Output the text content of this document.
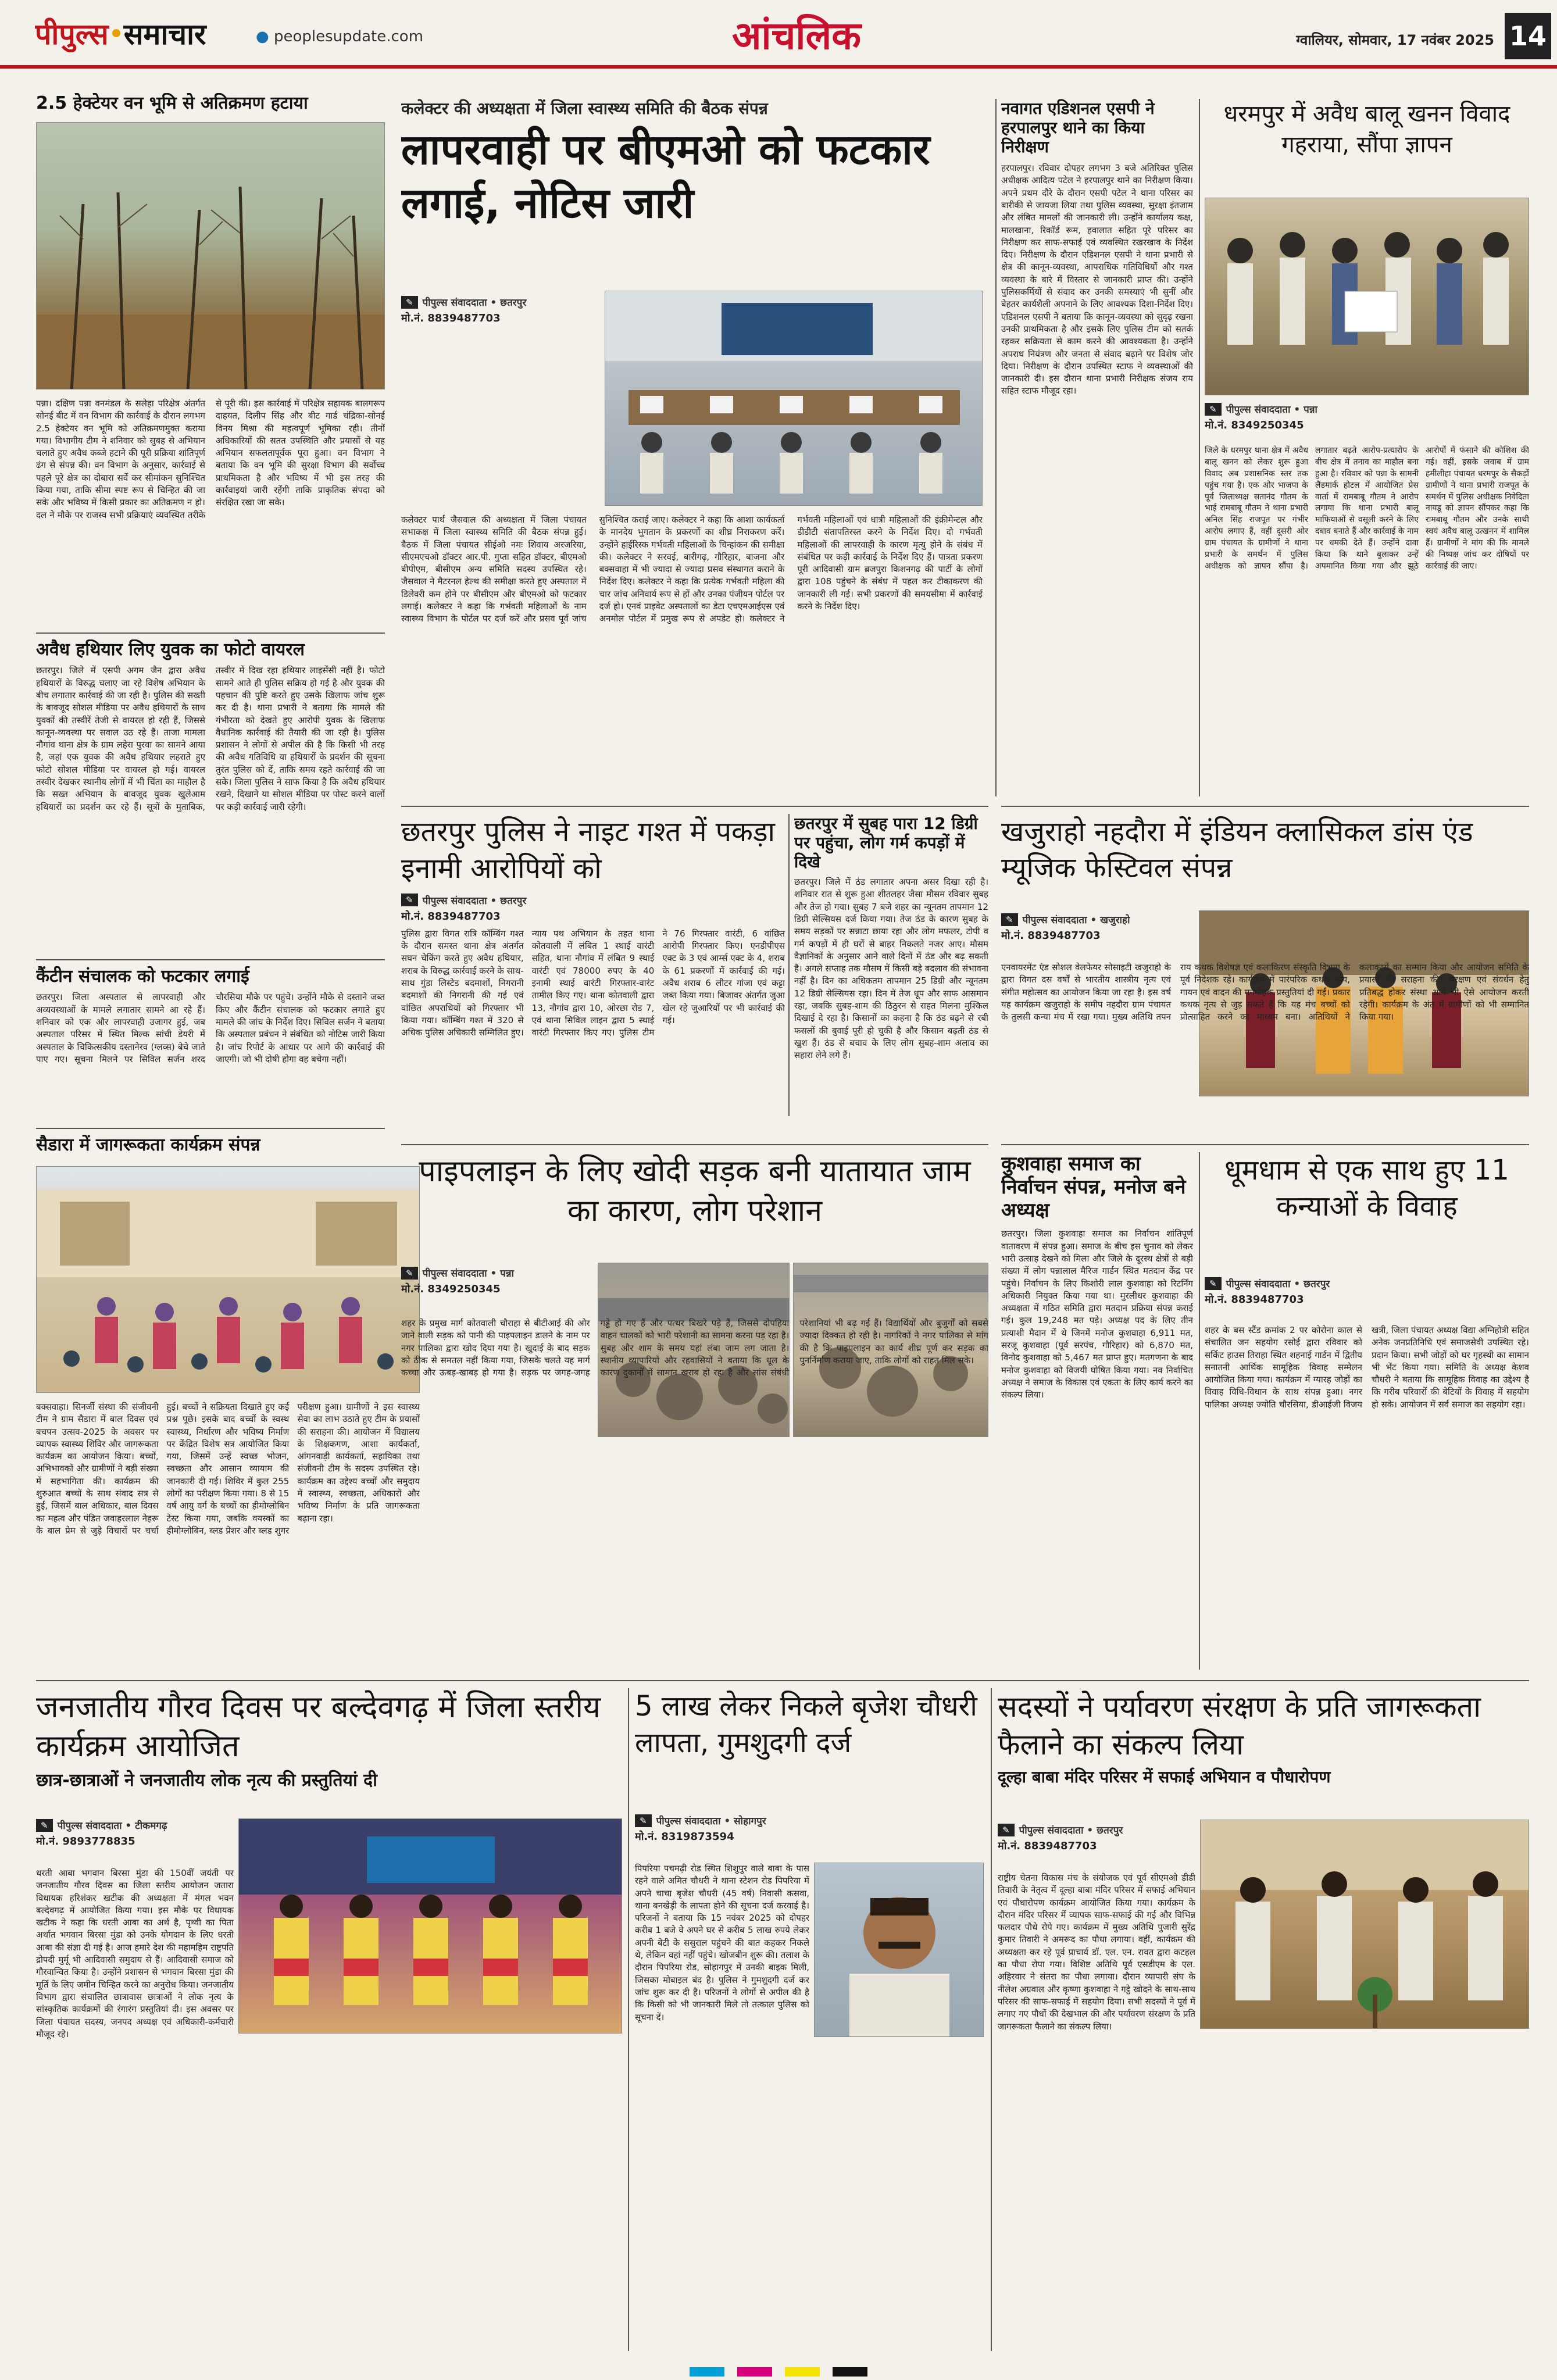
पीपुल्स समाचार	● peoplesupdate.com	आंचलिक	ग्वालियर, सोमवार, 17 नवंबर 2025 14
2.5 हेक्टेयर वन भूमि से अतिक्रमण हटाया
पन्ना। दक्षिण पन्ना वनमंडल के सलेहा परिक्षेत्र अंतर्गत सोनई बीट में वन विभाग की कार्रवाई के दौरान लगभग 2.5 हेक्टेयर वन भूमि को अतिक्रमणमुक्त कराया गया। विभागीय टीम ने शनिवार को सुबह से अभियान चलाते हुए अवैध कब्जे हटाने की पूरी प्रक्रिया शांतिपूर्ण ढंग से संपन्न की। वन विभाग के अनुसार, कार्रवाई से पहले पूरे क्षेत्र का दोबारा सर्वे कर सीमांकन सुनिश्चित किया गया, ताकि सीमा स्पष्ट रूप से चिन्हित की जा सके और भविष्य में किसी प्रकार का अतिक्रमण न हो। दल ने मौके पर राजस्व सभी प्रक्रियाएं व्यवस्थित तरीके से पूरी की। इस कार्रवाई में परिक्षेत्र सहायक बालगरूप दाहयत, दिलीप सिंह और बीट गार्ड चंद्रिका-सोनई विनय मिश्रा की महत्वपूर्ण भूमिका रही। तीनों अधिकारियों की सतत उपस्थिति और प्रयासों से यह अभियान सफलतापूर्वक पूरा हुआ। वन विभाग ने बताया कि वन भूमि की सुरक्षा विभाग की सर्वोच्च प्राथमिकता है और भविष्य में भी इस तरह की कार्रवाइयां जारी रहेंगी ताकि प्राकृतिक संपदा को संरक्षित रखा जा सके।
अवैध हथियार लिए युवक का फोटो वायरल
छतरपुर। जिले में एसपी अगम जैन द्वारा अवैध हथियारों के विरुद्ध चलाए जा रहे विशेष अभियान के बीच लगातार कार्रवाई की जा रही है। पुलिस की सख्ती के बावजूद सोशल मीडिया पर अवैध हथियारों के साथ युवकों की तस्वीरें तेजी से वायरल हो रही हैं, जिससे कानून-व्यवस्था पर सवाल उठ रहे हैं। ताजा मामला नौगांव थाना क्षेत्र के ग्राम लहेरा पुरवा का सामने आया है, जहां एक युवक की अवैध हथियार लहराते हुए फोटो सोशल मीडिया पर वायरल हो गई। वायरल तस्वीर देखकर स्थानीय लोगों में भी चिंता का माहौल है कि सख्त अभियान के बावजूद युवक खुलेआम हथियारों का प्रदर्शन कर रहे हैं। सूत्रों के मुताबिक, तस्वीर में दिख रहा हथियार लाइसेंसी नहीं है। फोटो सामने आते ही पुलिस सक्रिय हो गई है और युवक की पहचान की पुष्टि करते हुए उसके खिलाफ जांच शुरू कर दी है। थाना प्रभारी ने बताया कि मामले की गंभीरता को देखते हुए आरोपी युवक के खिलाफ वैधानिक कार्रवाई की तैयारी की जा रही है। पुलिस प्रशासन ने लोगों से अपील की है कि किसी भी तरह की अवैध गतिविधि या हथियारों के प्रदर्शन की सूचना तुरंत पुलिस को दें, ताकि समय रहते कार्रवाई की जा सके। जिला पुलिस ने साफ किया है कि अवैध हथियार रखने, दिखाने या सोशल मीडिया पर पोस्ट करने वालों पर कड़ी कार्रवाई जारी रहेगी।
कैंटीन संचालक को फटकार लगाई
छतरपुर। जिला अस्पताल से लापरवाही और अव्यवस्थाओं के मामले लगातार सामने आ रहे हैं। शनिवार को एक और लापरवाही उजागर हुई, जब अस्पताल परिसर में स्थित मिल्क सांची डेयरी में अस्पताल के चिकित्सकीय दस्तानेरव (ग्लव्स) बेचे जाते पाए गए। सूचना मिलने पर सिविल सर्जन शरद चौरसिया मौके पर पहुंचे। उन्होंने मौके से दस्ताने जब्त किए और कैंटीन संचालक को फटकार लगाते हुए मामले की जांच के निर्देश दिए। सिविल सर्जन ने बताया कि अस्पताल प्रबंधन ने संबंधित को नोटिस जारी किया है। जांच रिपोर्ट के आधार पर आगे की कार्रवाई की जाएगी। जो भी दोषी होगा वह बचेगा नहीं।
सैडारा में जागरूकता कार्यक्रम संपन्न
बक्सवाहा। सिनर्जी संस्था की संजीवनी टीम ने ग्राम सैडारा में बाल दिवस एवं बचपन उत्सव-2025 के अवसर पर व्यापक स्वास्थ्य शिविर और जागरूकता कार्यक्रम का आयोजन किया। बच्चों, अभिभावकों और ग्रामीणों ने बड़ी संख्या में सहभागिता की। कार्यक्रम की शुरुआत बच्चों के साथ संवाद सत्र से हुई, जिसमें बाल अधिकार, बाल दिवस का महत्व और पंडित जवाहरलाल नेहरू के बाल प्रेम से जुड़े विचारों पर चर्चा हुई। बच्चों ने सक्रियता दिखाते हुए कई प्रश्न पूछे। इसके बाद बच्चों के स्वस्थ स्वास्थ्य, निर्धारण और भविष्य निर्माण पर केंद्रित विशेष सत्र आयोजित किया गया, जिसमें उन्हें स्वच्छ भोजन, स्वच्छता और आसान व्यायाम की जानकारी दी गई। शिविर में कुल 255 लोगों का परीक्षण किया गया। 8 से 15 वर्ष आयु वर्ग के बच्चों का हीमोग्लोबिन टेस्ट किया गया, जबकि वयस्कों का हीमोग्लोबिन, ब्लड प्रेशर और ब्लड शुगर परीक्षण हुआ। ग्रामीणों ने इस स्वास्थ्य सेवा का लाभ उठाते हुए टीम के प्रयासों की सराहना की। आयोजन में विद्यालय के शिक्षकगण, आशा कार्यकर्ता, आंगनवाड़ी कार्यकर्ता, सहायिका तथा संजीवनी टीम के सदस्य उपस्थित रहे। कार्यक्रम का उद्देश्य बच्चों और समुदाय में स्वास्थ्य, स्वच्छता, अधिकारों और भविष्य निर्माण के प्रति जागरूकता बढ़ाना रहा।
कलेक्टर की अध्यक्षता में जिला स्वास्थ्य समिति की बैठक संपन्न
लापरवाही पर बीएमओ को फटकार लगाई, नोटिस जारी
✎ पीपुल्स संवाददाता • छतरपुर
मो.नं. 8839487703
कलेक्टर पार्थ जैसवाल की अध्यक्षता में जिला पंचायत सभाकक्ष में जिला स्वास्थ्य समिति की बैठक संपन्न हुई। बैठक में जिला पंचायत सीईओ नमः शिवाय अरजरिया, सीएमएचओ डॉक्टर आर.पी. गुप्ता सहित डॉक्टर, बीएमओ बीपीएम, बीसीएम अन्य समिति सदस्य उपस्थित रहे। जैसवाल ने मैटरनल हेल्थ की समीक्षा करते हुए अस्पताल में डिलेवरी कम होने पर बीसीएम और बीएमओ को फटकार लगाई। कलेक्टर ने कहा कि गर्भवती महिलाओं के नाम स्वास्थ्य विभाग के पोर्टल पर दर्ज करें और प्रसव पूर्व जांच सुनिश्चित कराई जाए। कलेक्टर ने कहा कि आशा कार्यकर्ता के मानदेय भुगतान के प्रकरणों का शीघ्र निराकरण करें। उन्होंने हाईरिस्क गर्भवती महिलाओं के चिन्हांकन की समीक्षा की। कलेक्टर ने सरवई, बारीगढ़, गौरिहार, बाजना और बक्सवाहा में भी ज्यादा से ज्यादा प्रसव संस्थागत कराने के निर्देश दिए। कलेक्टर ने कहा कि प्रत्येक गर्भवती महिला की चार जांच अनिवार्य रूप से हों और उनका पंजीयन पोर्टल पर दर्ज हो। एनवं प्राइवेट अस्पतालों का डेटा एचएमआईएस एवं अनमोल पोर्टल में प्रमुख रूप से अपडेट हो। कलेक्टर ने गर्भवती महिलाओं एवं धात्री महिलाओं की इंक्रीमेन्टल और डीडीटी संतापतिरस्त करने के निर्देश दिए। दो गर्भवती महिलाओं की लापरवाही के कारण मृत्यु होने के संबंध में संबंधित पर कड़ी कार्रवाई के निर्देश दिए हैं। पात्रता प्रकरण पूरी आदिवासी ग्राम ब्रजपुरा किशनगढ़ की पार्टी के लोगों द्वारा 108 पहुंचने के संबंध में पहल कर टीकाकरण की जानकारी ली गई। सभी प्रकरणों की समयसीमा में कार्रवाई करने के निर्देश दिए।
छतरपुर पुलिस ने नाइट गश्त में पकड़ा इनामी आरोपियों को
✎ पीपुल्स संवाददाता • छतरपुर
मो.नं. 8839487703
पुलिस द्वारा विगत रात्रि कॉम्बिंग गश्त के दौरान समस्त थाना क्षेत्र अंतर्गत सघन चेकिंग करते हुए अवैध हथियार, शराब के विरुद्ध कार्रवाई करने के साथ-साथ गुंडा लिस्टेड बदमाशों, निगरानी बदमाशों की निगरानी की गई एवं वांछित अपराधियों को गिरफ्तार भी किया गया। कॉम्बिंग गश्त में 320 से अधिक पुलिस अधिकारी सम्मिलित हुए। न्याय पथ अभियान के तहत थाना कोतवाली में लंबित 1 स्थाई वारंटी सहित, थाना नौगांव में लंबित 9 स्थाई वारंटी एवं 78000 रुपए के 40 इनामी स्थाई वारंटी गिरफ्तार-वारंट तामील किए गए। थाना कोतवाली द्वारा 13, नौगांव द्वारा 10, ओरछा रोड 7, एवं थाना सिविल लाइन द्वारा 5 स्थाई वारंटी गिरफ्तार किए गए। पुलिस टीम ने 76 गिरफ्तार वारंटी, 6 वांछित आरोपी गिरफ्तार किए। एनडीपीएस एक्ट के 3 एवं आर्म्स एक्ट के 4, शराब के 61 प्रकरणों में कार्रवाई की गई। अवैध शराब 6 लीटर गांजा एवं कट्टा जब्त किया गया। बिजावर अंतर्गत जुआ खेल रहे जुआरियों पर भी कार्रवाई की गई।
छतरपुर में सुबह पारा 12 डिग्री पर पहुंचा, लोग गर्म कपड़ों में दिखे
छतरपुर। जिले में ठंड लगातार अपना असर दिखा रही है। शनिवार रात से शुरू हुआ शीतलहर जैसा मौसम रविवार सुबह और तेज हो गया। सुबह 7 बजे शहर का न्यूनतम तापमान 12 डिग्री सेल्सियस दर्ज किया गया। तेज ठंड के कारण सुबह के समय सड़कों पर सन्नाटा छाया रहा और लोग मफलर, टोपी व गर्म कपड़ों में ही घरों से बाहर निकलते नजर आए। मौसम वैज्ञानिकों के अनुसार आने वाले दिनों में ठंड और बढ़ सकती है। अगले सप्ताह तक मौसम में किसी बड़े बदलाव की संभावना नहीं है। दिन का अधिकतम तापमान 25 डिग्री और न्यूनतम 12 डिग्री सेल्सियस रहा। दिन में तेज धूप और साफ आसमान रहा, जबकि सुबह-शाम की ठिठुरन से राहत मिलना मुश्किल दिखाई दे रहा है। किसानों का कहना है कि ठंड बढ़ने से रबी फसलों की बुवाई पूरी हो चुकी है और किसान बढ़ती ठंड से खुश हैं। ठंड से बचाव के लिए लोग सुबह-शाम अलाव का सहारा लेने लगे हैं।
पाइपलाइन के लिए खोदी सड़क बनी यातायात जाम का कारण, लोग परेशान
✎ पीपुल्स संवाददाता • पन्ना
मो.नं. 8349250345
शहर के प्रमुख मार्ग कोतवाली चौराहा से बीटीआई की ओर जाने वाली सड़क को पानी की पाइपलाइन डालने के नाम पर नगर पालिका द्वारा खोद दिया गया है। खुदाई के बाद सड़क को ठीक से समतल नहीं किया गया, जिसके चलते यह मार्ग कच्चा और ऊबड़-खाबड़ हो गया है। सड़क पर जगह-जगह गड्ढे हो गए हैं और पत्थर बिखरे पड़े हैं, जिससे दोपहिया वाहन चालकों को भारी परेशानी का सामना करना पड़ रहा है। सुबह और शाम के समय यहां लंबा जाम लग जाता है। स्थानीय व्यापारियों और रहवासियों ने बताया कि धूल के कारण दुकानों में सामान खराब हो रहा है और सांस संबंधी परेशानियां भी बढ़ गई हैं। विद्यार्थियों और बुजुर्गों को सबसे ज्यादा दिक्कत हो रही है। नागरिकों ने नगर पालिका से मांग की है कि पाइपलाइन का कार्य शीघ्र पूर्ण कर सड़क का पुनर्निर्माण कराया जाए, ताकि लोगों को राहत मिल सके।
नवागत एडिशनल एसपी ने हरपालपुर थाने का किया निरीक्षण
हरपालपुर। रविवार दोपहर लगभग 3 बजे अतिरिक्त पुलिस अधीक्षक आदित्य पटेल ने हरपालपुर थाने का निरीक्षण किया। अपने प्रथम दौरे के दौरान एसपी पटेल ने थाना परिसर का बारीकी से जायजा लिया तथा पुलिस व्यवस्था, सुरक्षा इंतजाम और लंबित मामलों की जानकारी ली। उन्होंने कार्यालय कक्ष, मालखाना, रिकॉर्ड रूम, हवालात सहित पूरे परिसर का निरीक्षण कर साफ-सफाई एवं व्यवस्थित रखरखाव के निर्देश दिए। निरीक्षण के दौरान एडिशनल एसपी ने थाना प्रभारी से क्षेत्र की कानून-व्यवस्था, आपराधिक गतिविधियों और गश्त व्यवस्था के बारे में विस्तार से जानकारी प्राप्त की। उन्होंने पुलिसकर्मियों से संवाद कर उनकी समस्याएं भी सुनीं और बेहतर कार्यशैली अपनाने के लिए आवश्यक दिशा-निर्देश दिए। एडिशनल एसपी ने बताया कि कानून-व्यवस्था को सुदृढ़ रखना उनकी प्राथमिकता है और इसके लिए पुलिस टीम को सतर्क रहकर सक्रियता से काम करने की आवश्यकता है। उन्होंने अपराध नियंत्रण और जनता से संवाद बढ़ाने पर विशेष जोर दिया। निरीक्षण के दौरान उपस्थित स्टाफ ने व्यवस्थाओं की जानकारी दी। इस दौरान थाना प्रभारी निरीक्षक संजय राय सहित स्टाफ मौजूद रहा।
धरमपुर में अवैध बालू खनन विवाद गहराया, सौंपा ज्ञापन
✎ पीपुल्स संवाददाता • पन्ना
मो.नं. 8349250345
जिले के धरमपुर थाना क्षेत्र में अवैध बालू खनन को लेकर शुरू हुआ विवाद अब प्रशासनिक स्तर तक पहुंच गया है। एक ओर भाजपा के पूर्व जिलाध्यक्ष सतानंद गौतम के भाई रामबाबू गौतम ने थाना प्रभारी अनिल सिंह राजपूत पर गंभीर आरोप लगाए हैं, वहीं दूसरी ओर ग्राम पंचायत के ग्रामीणों ने थाना प्रभारी के समर्थन में पुलिस अधीक्षक को ज्ञापन सौंपा है। लगातार बढ़ते आरोप-प्रत्यारोप के बीच क्षेत्र में तनाव का माहौल बना हुआ है। रविवार को पन्ना के सामनी लैंडमार्क होटल में आयोजित प्रेस वार्ता में रामबाबू गौतम ने आरोप लगाया कि थाना प्रभारी बालू माफियाओं से वसूली करने के लिए दबाव बनाते हैं और कार्रवाई के नाम पर धमकी देते हैं। उन्होंने दावा किया कि थाने बुलाकर उन्हें अपमानित किया गया और झूठे आरोपों में फंसाने की कोशिश की गई। वहीं, इसके जवाब में ग्राम हमीलीहा पंचायत धरमपुर के सैकड़ों ग्रामीणों ने थाना प्रभारी राजपूत के समर्थन में पुलिस अधीक्षक निवेदिता नायडू को ज्ञापन सौंपकर कहा कि रामबाबू गौतम और उनके साथी स्वयं अवैध बालू उत्खनन में शामिल हैं। ग्रामीणों ने मांग की कि मामले की निष्पक्ष जांच कर दोषियों पर कार्रवाई की जाए।
खजुराहो नहदौरा में इंडियन क्लासिकल डांस एंड म्यूजिक फेस्टिवल संपन्न
✎ पीपुल्स संवाददाता • खजुराहो
मो.नं. 8839487703
एनवायरमेंट एंड सोशल वेलफेयर सोसाइटी खजुराहो के द्वारा विगत दस वर्षों से भारतीय शास्त्रीय नृत्य एवं संगीत महोत्सव का आयोजन किया जा रहा है। इस वर्ष यह कार्यक्रम खजुराहो के समीप नहदौरा ग्राम पंचायत के तुलसी कन्या मंच में रखा गया। मुख्य अतिथि तपन राय कथक विशेषज्ञ एवं कलाकिरण संस्कृति विभाग के पूर्व निदेशक रहे। कार्यक्रम में पारंपरिक कथक नृत्य, गायन एवं वादन की मनमोहक प्रस्तुतियां दी गईं। प्रकार कथक नृत्य से जुड़ सकते हैं कि यह मंच बच्चों को प्रोत्साहित करने का माध्यम बना। अतिथियों ने कलाकारों का सम्मान किया और आयोजन समिति के प्रयासों की सराहना की। संरक्षण एवं संवर्धन हेतु प्रतिबद्ध होकर संस्था आगे भी ऐसे आयोजन करती रहेगी। कार्यक्रम के अंत में ग्रामीणों को भी सम्मानित किया गया।
कुशवाहा समाज का निर्वाचन संपन्न, मनोज बने अध्यक्ष
छतरपुर। जिला कुशवाहा समाज का निर्वाचन शांतिपूर्ण वातावरण में संपन्न हुआ। समाज के बीच इस चुनाव को लेकर भारी उत्साह देखने को मिला और जिले के दूरस्थ क्षेत्रों से बड़ी संख्या में लोग पन्नालाल मैरिज गार्डन स्थित मतदान केंद्र पर पहुंचे। निर्वाचन के लिए किशोरी लाल कुशवाहा को रिटर्निंग अधिकारी नियुक्त किया गया था। मुरलीधर कुशवाहा की अध्यक्षता में गठित समिति द्वारा मतदान प्रक्रिया संपन्न कराई गई। कुल 19,248 मत पड़े। अध्यक्ष पद के लिए तीन प्रत्याशी मैदान में थे जिनमें मनोज कुशवाहा 6,911 मत, सरजू कुशवाहा (पूर्व सरपंच, गौरिहार) को 6,870 मत, विनोद कुशवाहा को 5,467 मत प्राप्त हुए। मतगणना के बाद मनोज कुशवाहा को विजयी घोषित किया गया। नव निर्वाचित अध्यक्ष ने समाज के विकास एवं एकता के लिए कार्य करने का संकल्प लिया।
धूमधाम से एक साथ हुए 11 कन्याओं के विवाह
✎ पीपुल्स संवाददाता • छतरपुर
मो.नं. 8839487703
शहर के बस स्टैंड क्रमांक 2 पर कोरोना काल से संचालित जन सहयोग रसोई द्वारा रविवार को सर्किट हाउस तिराहा स्थित शहनाई गार्डन में द्वितीय सनातनी आर्थिक सामूहिक विवाह सम्मेलन आयोजित किया गया। कार्यक्रम में ग्यारह जोड़ों का विवाह विधि-विधान के साथ संपन्न हुआ। नगर पालिका अध्यक्ष ज्योति चौरसिया, डीआईजी विजय खत्री, जिला पंचायत अध्यक्ष विद्या अग्निहोत्री सहित अनेक जनप्रतिनिधि एवं समाजसेवी उपस्थित रहे। प्रदान किया। सभी जोड़ों को घर गृहस्थी का सामान भी भेंट किया गया। समिति के अध्यक्ष केशव चौधरी ने बताया कि सामूहिक विवाह का उद्देश्य है कि गरीब परिवारों की बेटियों के विवाह में सहयोग हो सके। आयोजन में सर्व समाज का सहयोग रहा।
जनजातीय गौरव दिवस पर बल्देवगढ़ में जिला स्तरीय कार्यक्रम आयोजित
छात्र-छात्राओं ने जनजातीय लोक नृत्य की प्रस्तुतियां दी
✎ पीपुल्स संवाददाता • टीकमगढ़
मो.नं. 9893778835
धरती आबा भगवान बिरसा मुंडा की 150वीं जयंती पर जनजातीय गौरव दिवस का जिला स्तरीय आयोजन जतारा विधायक हरिशंकर खटीक की अध्यक्षता में मंगल भवन बल्देवगढ़ में आयोजित किया गया। इस मौके पर विधायक खटीक ने कहा कि धरती आबा का अर्थ है, पृथ्वी का पिता अर्थात भगवान बिरसा मुंडा को उनके योगदान के लिए धरती आबा की संज्ञा दी गई है। आज हमारे देश की महामहिम राष्ट्रपति द्रोपदी मुर्मू भी आदिवासी समुदाय से हैं। आदिवासी समाज को गौरवान्वित किया है। उन्होंने प्रशासन से भगवान बिरसा मुंडा की मूर्ति के लिए जमीन चिन्हित करने का अनुरोध किया। जनजातीय विभाग द्वारा संचालित छात्रावास छात्राओं ने लोक नृत्य के सांस्कृतिक कार्यक्रमों की रंगारंग प्रस्तुतियां दी। इस अवसर पर जिला पंचायत सदस्य, जनपद अध्यक्ष एवं अधिकारी-कर्मचारी मौजूद रहे।
5 लाख लेकर निकले बृजेश चौधरी लापता, गुमशुदगी दर्ज
✎ पीपुल्स संवाददाता • सोहागपुर
मो.नं. 8319873594
पिपरिया पचमढ़ी रोड स्थित शिशुपुर वाले बाबा के पास रहने वाले अमित चौधरी ने थाना स्टेशन रोड पिपरिया में अपने चाचा बृजेश चौधरी (45 वर्ष) निवासी कसवा, थाना बनखेड़ी के लापता होने की सूचना दर्ज करवाई है। परिजनों ने बताया कि 15 नवंबर 2025 को दोपहर करीब 1 बजे वे अपने घर से करीब 5 लाख रुपये लेकर अपनी बेटी के ससुराल पहुंचने की बात कहकर निकले थे, लेकिन वहां नहीं पहुंचे। खोजबीन शुरू की। तलाश के दौरान पिपरिया रोड, सोहागपुर में उनकी बाइक मिली, जिसका मोबाइल बंद है। पुलिस ने गुमशुदगी दर्ज कर जांच शुरू कर दी है। परिजनों ने लोगों से अपील की है कि किसी को भी जानकारी मिले तो तत्काल पुलिस को सूचना दें।
सदस्यों ने पर्यावरण संरक्षण के प्रति जागरूकता फैलाने का संकल्प लिया
दूल्हा बाबा मंदिर परिसर में सफाई अभियान व पौधारोपण
✎ पीपुल्स संवाददाता • छतरपुर
मो.नं. 8839487703
राष्ट्रीय चेतना विकास मंच के संयोजक एवं पूर्व सीएमओ डीडी तिवारी के नेतृत्व में दूल्हा बाबा मंदिर परिसर में सफाई अभियान एवं पौधारोपण कार्यक्रम आयोजित किया गया। कार्यक्रम के दौरान मंदिर परिसर में व्यापक साफ-सफाई की गई और विभिन्न फलदार पौधे रोपे गए। कार्यक्रम में मुख्य अतिथि पुजारी सुरेंद्र कुमार तिवारी ने अमरूद का पौधा लगाया। वहीं, कार्यक्रम की अध्यक्षता कर रहे पूर्व प्राचार्य डॉ. एल. एन. रावत द्वारा कटहल का पौधा रोपा गया। विशिष्ट अतिथि पूर्व एसडीएम के एल. अहिरवार ने संतरा का पौधा लगाया। दौरान व्यापारी संघ के नीलेश अग्रवाल और कृष्णा कुशवाहा ने गट्ठे खोदने के साथ-साथ परिसर की साफ-सफाई में सहयोग दिया। सभी सदस्यों ने पूर्व में लगाए गए पौधों की देखभाल की और पर्यावरण संरक्षण के प्रति जागरूकता फैलाने का संकल्प लिया।
